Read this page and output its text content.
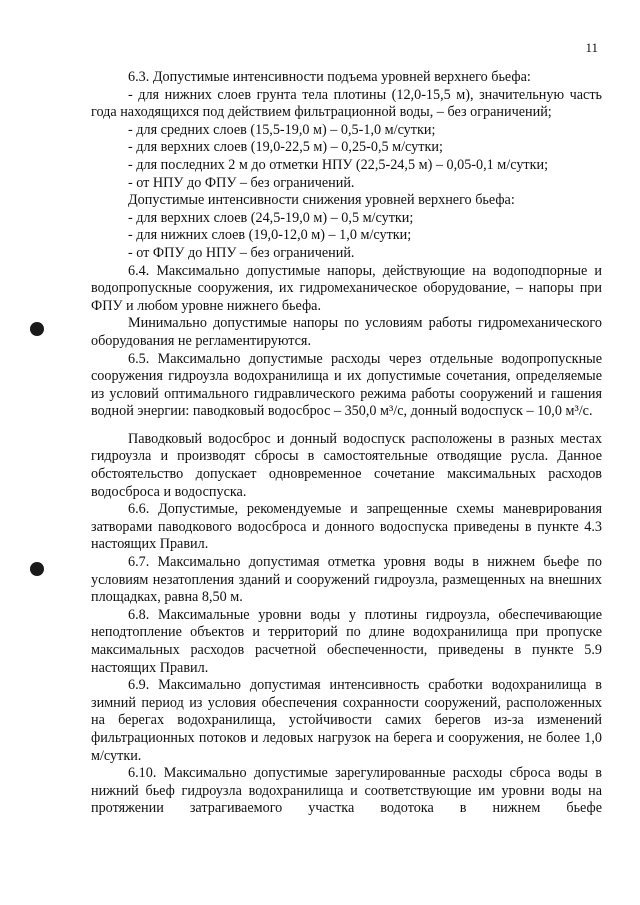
11

6.3. Допустимые интенсивности подъема уровней верхнего бьефа:

- для нижних слоев грунта тела плотины (12,0-15,5 м), значительную часть года находящихся под действием фильтрационной воды, – без ограничений;

- для средних слоев (15,5-19,0 м) – 0,5-1,0 м/сутки;

- для верхних слоев (19,0-22,5 м) – 0,25-0,5 м/сутки;

- для последних 2 м до отметки НПУ (22,5-24,5 м) – 0,05-0,1 м/сутки;

- от НПУ до ФПУ – без ограничений.

Допустимые интенсивности снижения уровней верхнего бьефа:

- для верхних слоев (24,5-19,0 м) – 0,5 м/сутки;

- для нижних слоев (19,0-12,0 м) – 1,0 м/сутки;

- от ФПУ до НПУ – без ограничений.

6.4. Максимально допустимые напоры, действующие на водоподпорные и водопропускные сооружения, их гидромеханическое оборудование, – напоры при ФПУ и любом уровне нижнего бьефа.

Минимально допустимые напоры по условиям работы гидромеханического оборудования не регламентируются.

6.5. Максимально допустимые расходы через отдельные водопропускные сооружения гидроузла водохранилища и их допустимые сочетания, определяемые из условий оптимального гидравлического режима работы сооружений и гашения водной энергии: паводковый водосброс – 350,0 м³/с, донный водоспуск – 10,0 м³/с.

Паводковый водосброс и донный водоспуск расположены в разных местах гидроузла и производят сбросы в самостоятельные отводящие русла. Данное обстоятельство допускает одновременное сочетание максимальных расходов водосброса и водоспуска.

6.6. Допустимые, рекомендуемые и запрещенные схемы маневрирования затворами паводкового водосброса и донного водоспуска приведены в пункте 4.3 настоящих Правил.

6.7. Максимально допустимая отметка уровня воды в нижнем бьефе по условиям незатопления зданий и сооружений гидроузла, размещенных на внешних площадках, равна 8,50 м.

6.8. Максимальные уровни воды у плотины гидроузла, обеспечивающие неподтопление объектов и территорий по длине водохранилища при пропуске максимальных расходов расчетной обеспеченности, приведены в пункте 5.9 настоящих Правил.

6.9. Максимально допустимая интенсивность сработки водохранилища в зимний период из условия обеспечения сохранности сооружений, расположенных на берегах водохранилища, устойчивости самих берегов из-за изменений фильтрационных потоков и ледовых нагрузок на берега и сооружения, не более 1,0 м/сутки.

6.10. Максимально допустимые зарегулированные расходы сброса воды в нижний бьеф гидроузла водохранилища и соответствующие им уровни воды на протяжении затрагиваемого участка водотока в нижнем бьефе
